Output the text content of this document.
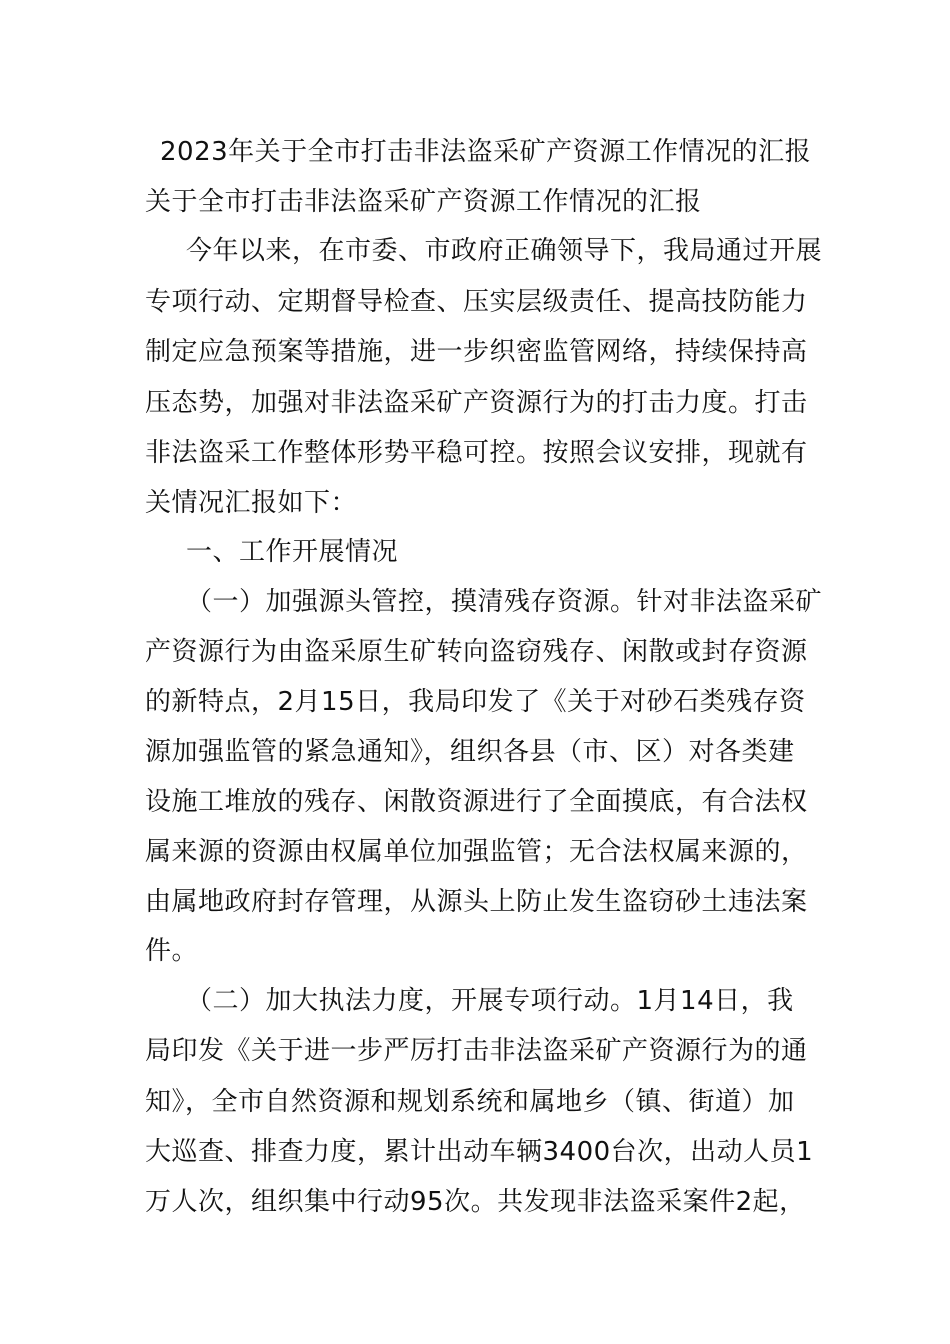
2023年关于全市打击非法盗采矿产资源工作情况的汇报
关于全市打击非法盗采矿产资源工作情况的汇报
今年以来，在市委、市政府正确领导下，我局通过开展
专项行动、定期督导检查、压实层级责任、提高技防能力
制定应急预案等措施，进一步织密监管网络，持续保持高
压态势，加强对非法盗采矿产资源行为的打击力度。打击
非法盗采工作整体形势平稳可控。按照会议安排，现就有
关情况汇报如下：
一、工作开展情况
（一）加强源头管控，摸清残存资源。针对非法盗采矿
产资源行为由盗采原生矿转向盗窃残存、闲散或封存资源
的新特点，2月15日，我局印发了《关于对砂石类残存资
源加强监管的紧急通知》，组织各县（市、区）对各类建
设施工堆放的残存、闲散资源进行了全面摸底，有合法权
属来源的资源由权属单位加强监管；无合法权属来源的，
由属地政府封存管理，从源头上防止发生盗窃砂土违法案
件。
（二）加大执法力度，开展专项行动。1月14日，我
局印发《关于进一步严厉打击非法盗采矿产资源行为的通
知》，全市自然资源和规划系统和属地乡（镇、街道）加
大巡查、排查力度，累计出动车辆3400台次，出动人员1
万人次，组织集中行动95次。共发现非法盗采案件2起，
